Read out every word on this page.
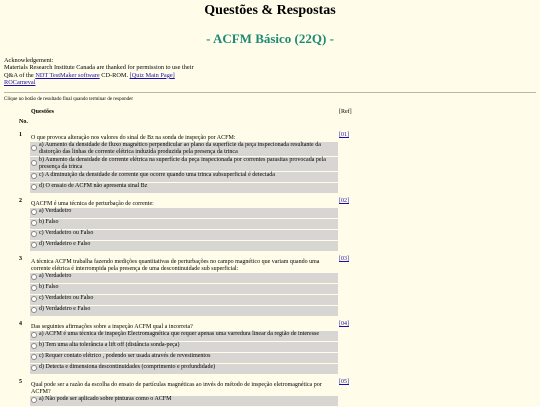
Questões & Respostas
- ACFM Básico (22Q) -
Acknowledgement:
Materials Research Institute Canada are thanked for permission to use their
Q&A of the NDT TestMaker software CD-ROM. [Quiz Main Page]
ROCarneval
Clique no botão de resultado final quando terminar de responder
	Questões		[Ref]
No.			
1	O que provoca alteração nos valores do sinal de Bz na sonda de inspeção por ACFM:		[01]
		a) Aumento da densidade de fluxo magnético perpendicular ao plano da superfície da peça inspecionada resultante da distorção das linhas de corrente elétrica induzida produzida pela presença da trinca	
		b) Aumento da densidade de corrente elétrica na superfície da peça inspecionada por correntes parasitas provocada pela presença da trinca	
		c) A diminuição da densidade de corrente que ocorre quando uma trinca subsuperficial é detectada	
		d) O ensaio de ACFM não apresenta sinal Bz	
2	QACFM é uma técnica de perturbação de corrente:		[02]
		a) Verdadeiro	
		b) Falso	
		c) Verdadeiro ou Falso	
		d) Verdadeiro e Falso	
3	A técnica ACFM trabalha fazendo medições quantitativas de perturbações no campo magnético que variam quando uma corrente elétrica é interrompida pela presença de uma descontinuidade sub superficial:		[03]
		a) Verdadeiro	
		b) Falso	
		c) Verdadeiro ou Falso	
		d) Verdadeiro e Falso	
4	Das seguintes afirmações sobre a inspeção ACFM qual a incorreta?		[04]
		a) ACFM é uma técnica de inspeção Electromagnética que requer apenas uma varredura linear da região de interesse	
		b) Tem uma alta tolerância a lift off (distância sonda-peça)	
		c) Requer contato elétrico , podendo ser usada através de revestimentos	
		d) Detecta e dimensiona descontinuidades (comprimento e profundidade)	
5	Qual pode ser a razão da escolha do ensaio de partículas magnéticas ao invés do método de inspeção eletromagnética por ACFM?		[05]
		a) Não pode ser aplicado sobre pinturas como o ACFM	
